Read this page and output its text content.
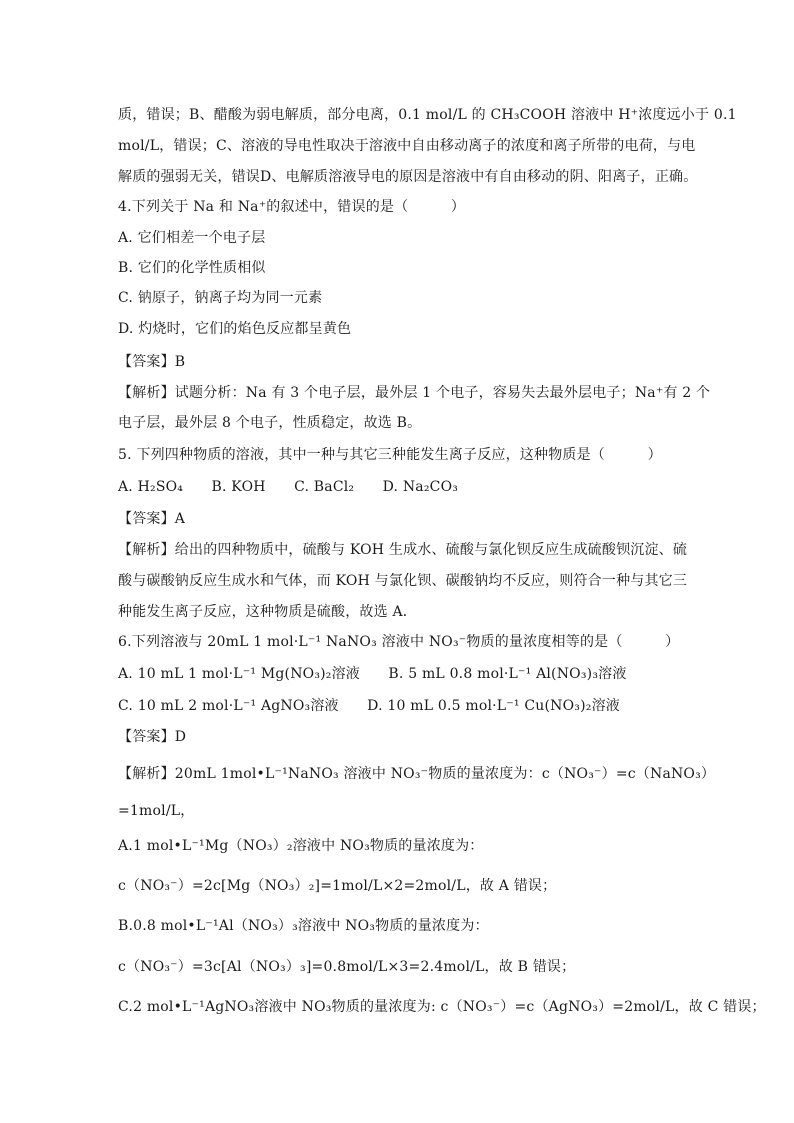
质，错误；B、醋酸为弱电解质，部分电离，0.1 mol/L 的 CH₃COOH 溶液中 H⁺浓度远小于 0.1
mol/L，错误；C、溶液的导电性取决于溶液中自由移动离子的浓度和离子所带的电荷，与电
解质的强弱无关，错误D、电解质溶液导电的原因是溶液中有自由移动的阴、阳离子，正确。
4.下列关于 Na 和 Na⁺的叙述中，错误的是（　　　）
A. 它们相差一个电子层
B. 它们的化学性质相似
C. 钠原子，钠离子均为同一元素
D. 灼烧时，它们的焰色反应都呈黄色
【答案】B
【解析】试题分析：Na 有 3 个电子层，最外层 1 个电子，容易失去最外层电子；Na⁺有 2 个
电子层，最外层 8 个电子，性质稳定，故选 B。
5. 下列四种物质的溶液，其中一种与其它三种能发生离子反应，这种物质是（　　　）
A. H₂SO₄　　B. KOH　　C. BaCl₂　　D. Na₂CO₃
【答案】A
【解析】给出的四种物质中，硫酸与 KOH 生成水、硫酸与氯化钡反应生成硫酸钡沉淀、硫
酸与碳酸钠反应生成水和气体，而 KOH 与氯化钡、碳酸钠均不反应，则符合一种与其它三
种能发生离子反应，这种物质是硫酸，故选 A．
6.下列溶液与 20mL 1 mol·L⁻¹ NaNO₃ 溶液中 NO₃⁻物质的量浓度相等的是（　　　）
A. 10 mL 1 mol·L⁻¹ Mg(NO₃)₂溶液　　B. 5 mL 0.8 mol·L⁻¹ Al(NO₃)₃溶液
C. 10 mL 2 mol·L⁻¹ AgNO₃溶液　　D. 10 mL 0.5 mol·L⁻¹ Cu(NO₃)₂溶液
【答案】D
【解析】20mL 1mol•L⁻¹NaNO₃ 溶液中 NO₃⁻物质的量浓度为：c（NO₃⁻）=c（NaNO₃）
=1mol/L，
A.1 mol•L⁻¹Mg（NO₃）₂溶液中 NO₃物质的量浓度为：
c（NO₃⁻）=2c[Mg（NO₃）₂]=1mol/L×2=2mol/L，故 A 错误；
B.0.8 mol•L⁻¹Al（NO₃）₃溶液中 NO₃物质的量浓度为：
c（NO₃⁻）=3c[Al（NO₃）₃]=0.8mol/L×3=2.4mol/L，故 B 错误；
C.2 mol•L⁻¹AgNO₃溶液中 NO₃物质的量浓度为: c（NO₃⁻）=c（AgNO₃）=2mol/L，故 C 错误；
